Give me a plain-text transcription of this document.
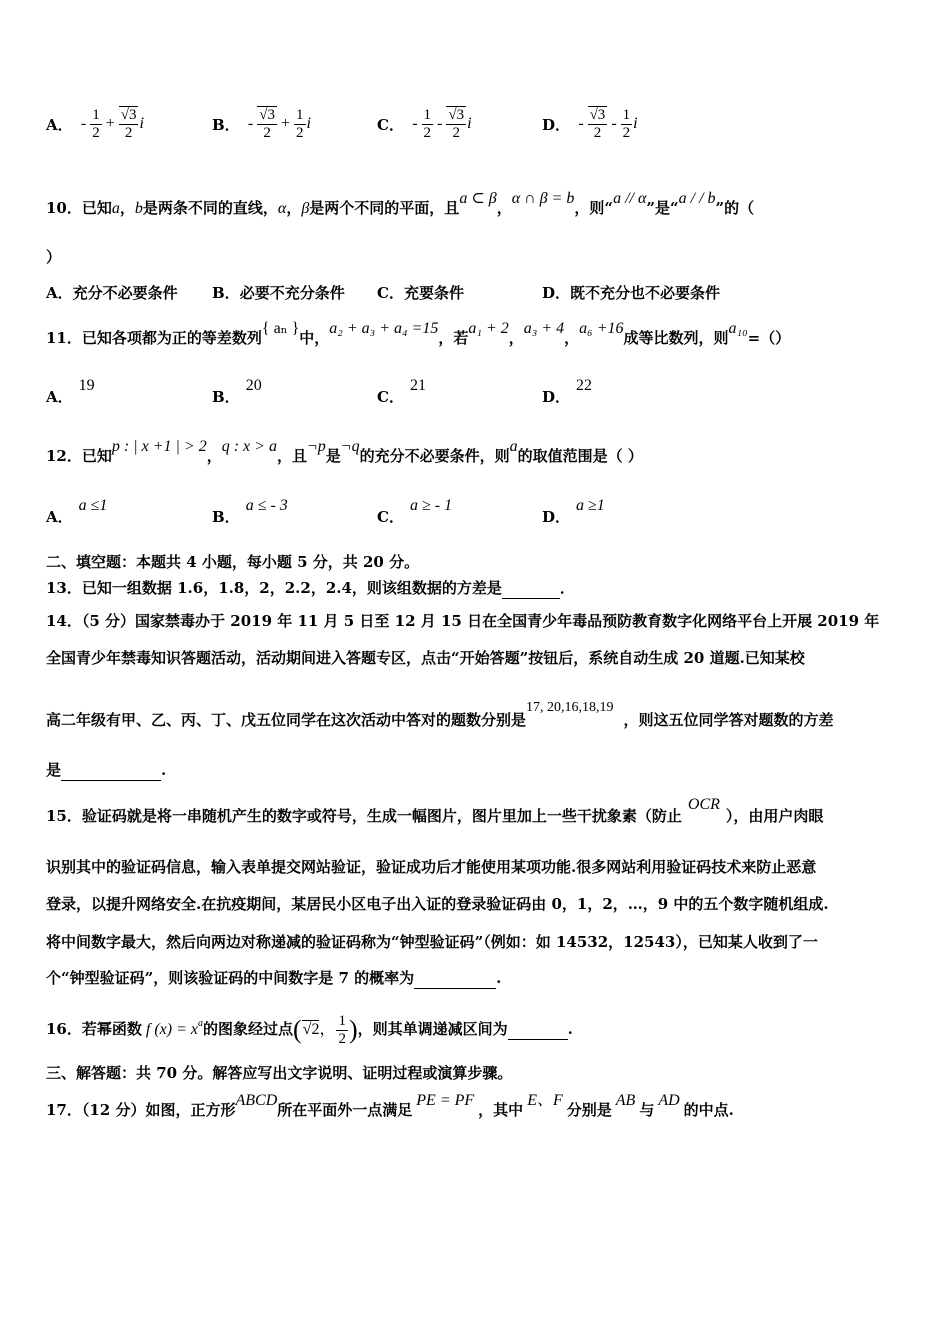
A． - $\frac{1}{2} + \frac{√3}{2}$ i	B． - $\frac{√3}{2} + \frac{1}{2}$ i	C． - $\frac{1}{2} - \frac{√3}{2}$ i	D． - $\frac{√3}{2} - \frac{1}{2}$ i
10．已知a，b是两条不同的直线，α，β是两个不同的平面，且a ⊂ β，α ∩ β = b，则“a // α”是“a / / b”的（
）
A．充分不必要条件 B．必要不充分条件 C．充要条件	D．既不充分也不必要条件
11．已知各项都为正的等差数列{ aₙ }中，a₂ + a₃ + a₄ =15，若a₁ + 2，a₃ + 4，a₆ +16成等比数列，则a₁₀=（）
A．19
B．20
C．21
D．22
12．已知p : | x +1 | > 2，q : x > a，且¬p是¬q的充分不必要条件，则a的取值范围是（ ）
A．a ≤1
B．a ≤ - 3
C．a ≥ - 1
D．a ≥1
二、填空题：本题共 4 小题，每小题 5 分，共 20 分。
13．已知一组数据 1.6，1.8，2，2.2，2.4，则该组数据的方差是	．
14．（5 分）国家禁毒办于 2019 年 11 月 5 日至 12 月 15 日在全国青少年毒品预防教育数字化网络平台上开展 2019 年
全国青少年禁毒知识答题活动，活动期间进入答题专区，点击“开始答题”按钮后，系统自动生成 20 道题.已知某校
高二年级有甲、乙、丙、丁、戊五位同学在这次活动中答对的题数分别是17, 20,16,18,19，则这五位同学答对题数的方差
是	.
15．验证码就是将一串随机产生的数字或符号，生成一幅图片，图片里加上一些干扰象素（防止OCR），由用户肉眼
识别其中的验证码信息，输入表单提交网站验证，验证成功后才能使用某项功能.很多网站利用验证码技术来防止恶意
登录，以提升网络安全.在抗疫期间，某居民小区电子出入证的登录验证码由 0，1，2，…，9 中的五个数字随机组成.
将中间数字最大，然后向两边对称递减的验证码称为“钟型验证码”（例如：如 14532，12543），已知某人收到了一
个“钟型验证码”，则该验证码的中间数字是 7 的概率为	.
16．若幂函数 f $(x) = x^a$的图象经过点(√2， $\frac{1}{2}$ )，则其单调递减区间为	.
三、解答题：共 70 分。解答应写出文字说明、证明过程或演算步骤。
17．（12 分）如图，正方形ABCD所在平面外一点满足PE = PF，其中E、F分别是AB与AD的中点.
